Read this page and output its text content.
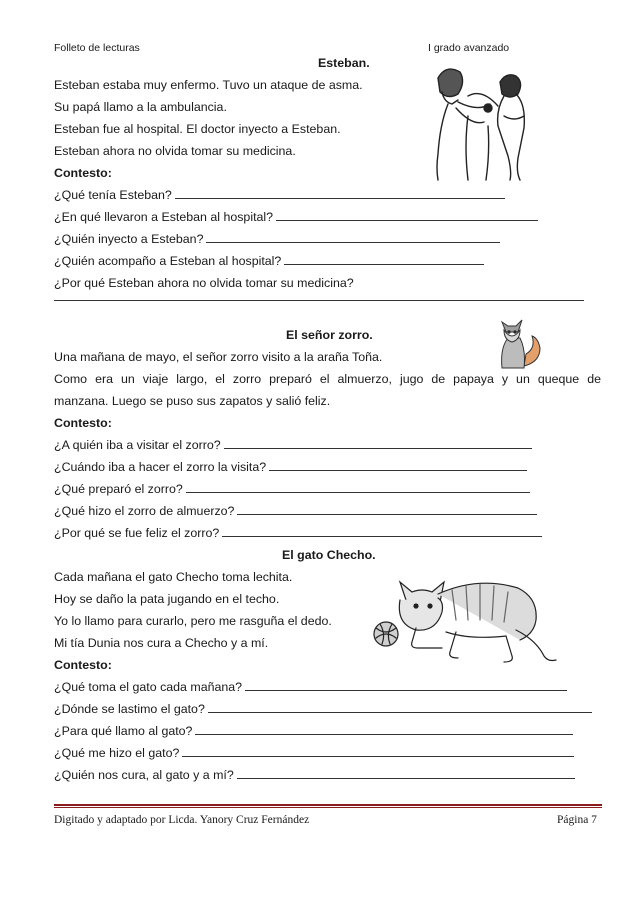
Folleto de lecturas	I grado avanzado
Esteban.
Esteban estaba muy enfermo. Tuvo un ataque de asma.
Su papá llamo a la ambulancia.
Esteban fue al hospital. El doctor inyecto a Esteban.
Esteban ahora no olvida tomar su medicina.
Contesto:
¿Qué tenía Esteban?
¿En qué llevaron a Esteban al hospital?
¿Quién inyecto a Esteban?
¿Quién acompaño a Esteban al hospital?
¿Por qué Esteban ahora no olvida tomar su medicina?
El señor zorro.
Una mañana de mayo, el señor zorro visito a la araña Toña.
Como era un viaje largo, el zorro preparó el almuerzo, jugo de papaya y un queque de
manzana. Luego se puso sus zapatos y salió feliz.
Contesto:
¿A quién iba a visitar el zorro?
¿Cuándo iba a hacer el zorro la visita?
¿Qué preparó el zorro?
¿Qué hizo el zorro de almuerzo?
¿Por qué se fue feliz el zorro?
El gato Checho.
Cada mañana el gato Checho toma lechita.
Hoy se daño la pata jugando en el techo.
Yo lo llamo para curarlo, pero me rasguña el dedo.
Mi tía Dunia nos cura a Checho y a mí.
Contesto:
¿Qué toma el gato cada mañana?
¿Dónde se lastimo el gato?
¿Para qué llamo al gato?
¿Qué me hizo el gato?
¿Quién nos cura, al gato y a mí?
Digitado y adaptado por Licda. Yanory Cruz Fernández	Página 7
